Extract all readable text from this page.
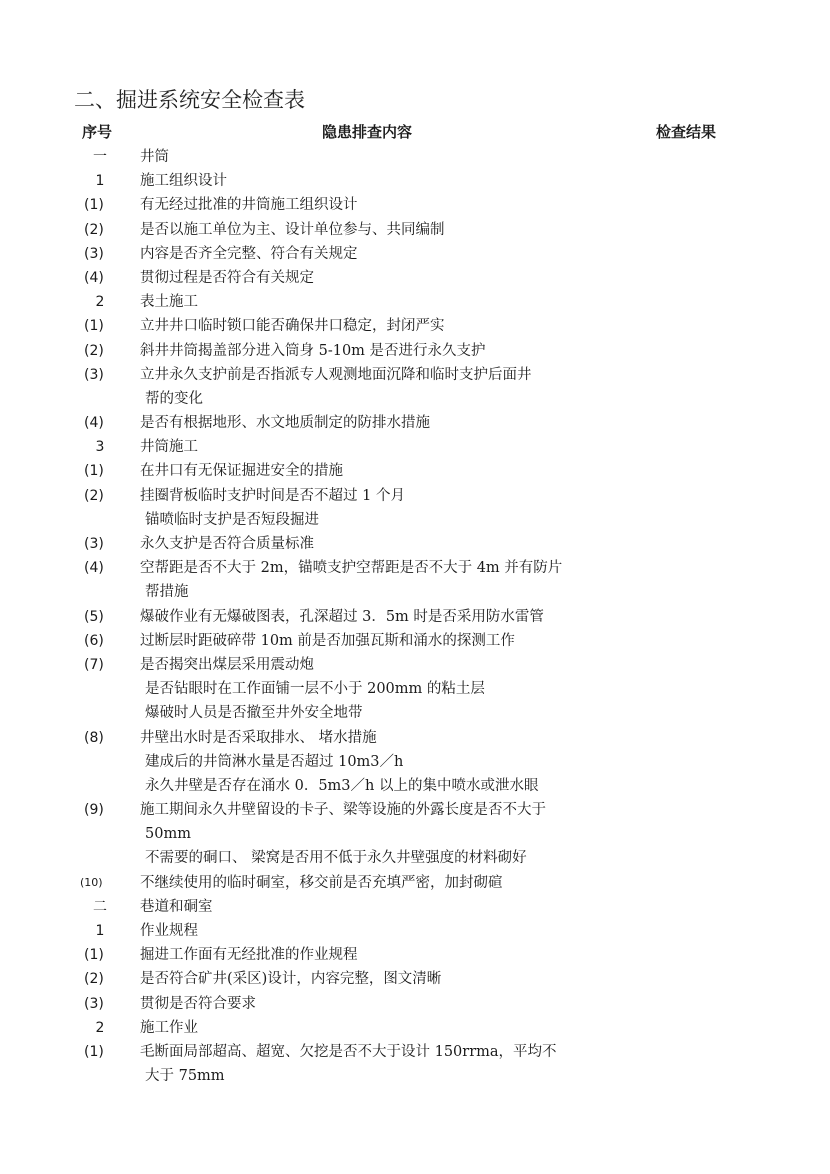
二、掘进系统安全检查表
序号	隐患排查内容	检查结果
一	井筒
1	施工组织设计
(1)	有无经过批准的井筒施工组织设计
(2)	是否以施工单位为主、设计单位参与、共同编制
(3)	内容是否齐全完整、符合有关规定
(4)	贯彻过程是否符合有关规定
2	表土施工
(1)	立井井口临时锁口能否确保井口稳定，封闭严实
(2)	斜井井筒揭盖部分进入筒身 5-10m 是否进行永久支护
(3)	立井永久支护前是否指派专人观测地面沉降和临时支护后面井
帮的变化
(4)	是否有根据地形、水文地质制定的防排水措施
3	井筒施工
(1)	在井口有无保证掘进安全的措施
(2)	挂圈背板临时支护时间是否不超过 1 个月
锚喷临时支护是否短段掘进
(3)	永久支护是否符合质量标准
(4)	空帮距是否不大于 2m，锚喷支护空帮距是否不大于 4m 并有防片
帮措施
(5)	爆破作业有无爆破图表，孔深超过 3．5m 时是否采用防水雷管
(6)	过断层时距破碎带 10m 前是否加强瓦斯和涌水的探测工作
(7)	是否揭突出煤层采用震动炮
是否钻眼时在工作面铺一层不小于 200mm 的粘土层
爆破时人员是否撤至井外安全地带
(8)	井壁出水时是否采取排水、 堵水措施
建成后的井筒淋水量是否超过 10m3／h
永久井壁是否存在涌水 0．5m3／h 以上的集中喷水或泄水眼
(9)	施工期间永久井壁留设的卡子、梁等设施的外露长度是否不大于
50mm
不需要的硐口、 梁窝是否用不低于永久井壁强度的材料砌好
(10)	不继续使用的临时硐室，移交前是否充填严密，加封砌碹
二	巷道和硐室
1	作业规程
(1)	掘进工作面有无经批准的作业规程
(2)	是否符合矿井(采区)设计，内容完整，图文清晰
(3)	贯彻是否符合要求
2	施工作业
(1)	毛断面局部超高、超宽、欠挖是否不大于设计 150rrma，平均不
大于 75mm
